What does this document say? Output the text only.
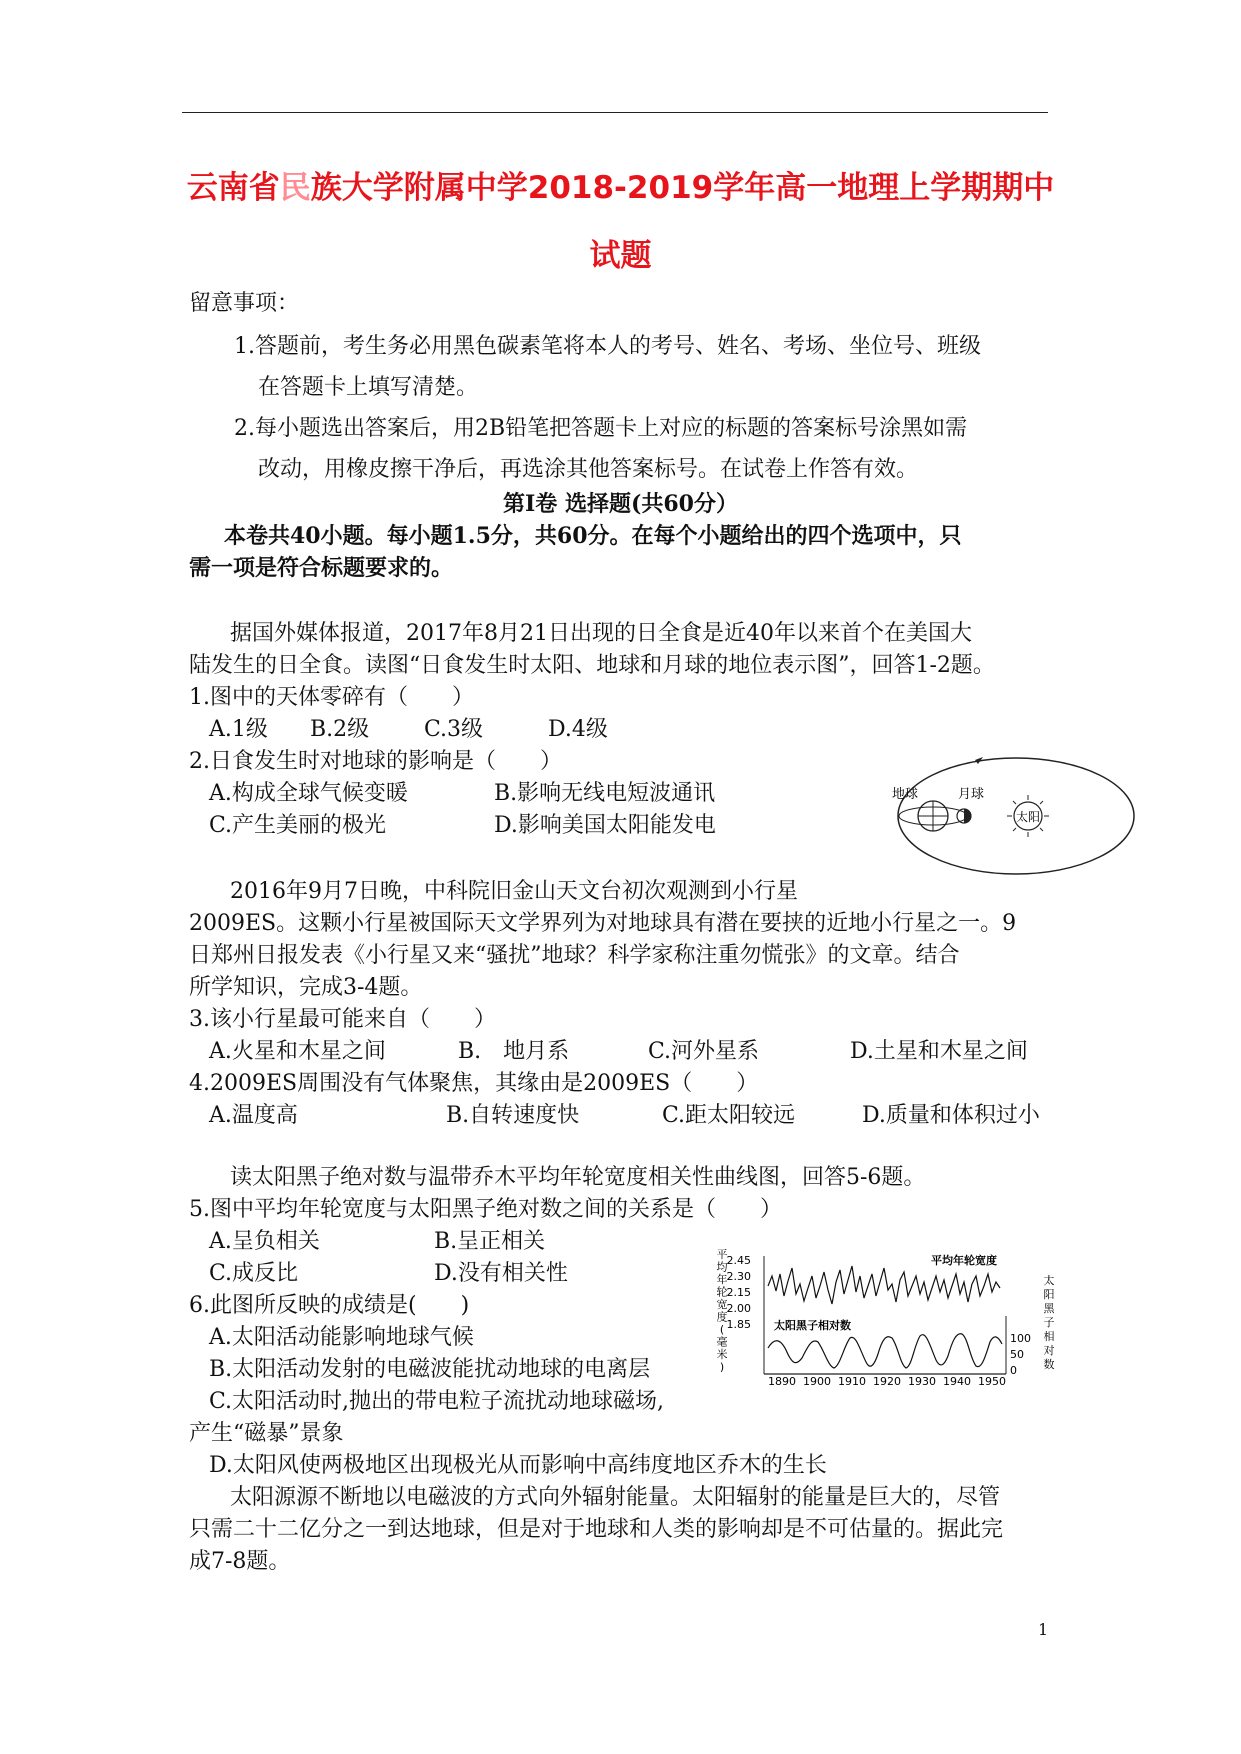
云南省民族大学附属中学2018-2019学年高一地理上学期期中
试题
留意事项：
1.答题前，考生务必用黑色碳素笔将本人的考号、姓名、考场、坐位号、班级
在答题卡上填写清楚。
2.每小题选出答案后，用2B铅笔把答题卡上对应的标题的答案标号涂黑如需
改动，用橡皮擦干净后，再选涂其他答案标号。在试卷上作答有效。
第Ⅰ卷 选择题(共60分）
本卷共40小题。每小题1.5分，共60分。在每个小题给出的四个选项中，只
需一项是符合标题要求的。
据国外媒体报道，2017年8月21日出现的日全食是近40年以来首个在美国大
陆发生的日全食。读图“日食发生时太阳、地球和月球的地位表示图”，回答1-2题。
1.图中的天体零碎有（　　）
A.1级 B.2级 C.3级	D.4级
2.日食发生时对地球的影响是（　　）
A.构成全球气候变暖	B.影响无线电短波通讯
C.产生美丽的极光	D.影响美国太阳能发电
地球	月球
太阳
2016年9月7日晚，中科院旧金山天文台初次观测到小行星
2009ES。这颗小行星被国际天文学界列为对地球具有潜在要挟的近地小行星之一。9
日郑州日报发表《小行星又来“骚扰”地球？科学家称注重勿慌张》的文章。结合
所学知识，完成3-4题。
3.该小行星最可能来自（　　）
A.火星和木星之间	B.　地月系	C.河外星系	D.土星和木星之间
4.2009ES周围没有气体聚焦，其缘由是2009ES（　　）
A.温度高	B.自转速度快	C.距太阳较远	D.质量和体积过小
读太阳黑子绝对数与温带乔木平均年轮宽度相关性曲线图，回答5-6题。
5.图中平均年轮宽度与太阳黑子绝对数之间的关系是（　　）
A.呈负相关	B.呈正相关
C.成反比	D.没有相关性
平
均
年
轮
宽
度
(
毫
米
)
太
阳
黑
子
相
对
数
2.45
2.30
2.15
2.00
1.85
100
50
0
1890 1900 1910 1920 1930 1940 1950
平均年轮宽度
太阳黑子相对数
6.此图所反映的成绩是(　　)
A.太阳活动能影响地球气候
B.太阳活动发射的电磁波能扰动地球的电离层
C.太阳活动时,抛出的带电粒子流扰动地球磁场,
产生“磁暴”景象
D.太阳风使两极地区出现极光从而影响中高纬度地区乔木的生长
太阳源源不断地以电磁波的方式向外辐射能量。太阳辐射的能量是巨大的，尽管
只需二十二亿分之一到达地球，但是对于地球和人类的影响却是不可估量的。据此完
成7-8题。
1
